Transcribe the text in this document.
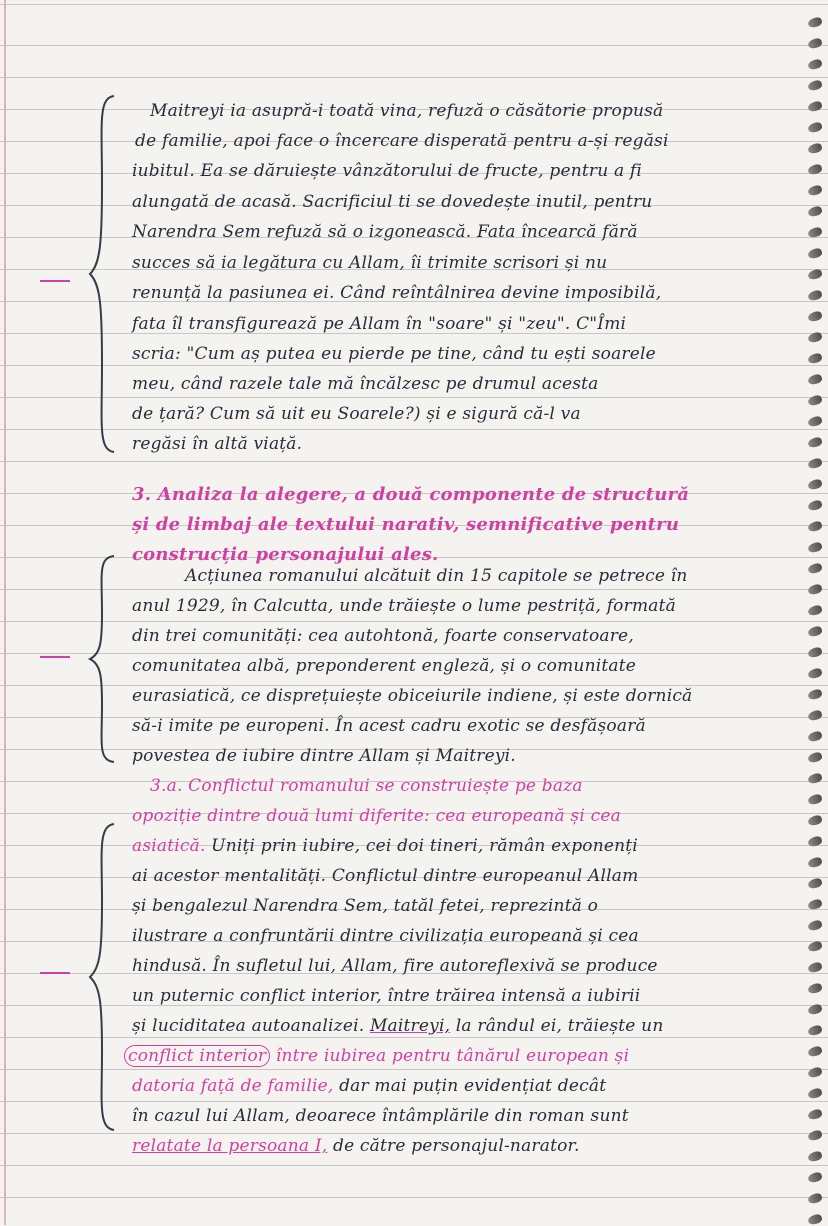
Maitreyi ia asupră-i toată vina, refuză o căsătorie propusă
de familie, apoi face o încercare disperată pentru a-și regăsi
iubitul. Ea se dăruiește vânzătorului de fructe, pentru a fi
alungată de acasă. Sacrificiul ti se dovedește inutil, pentru
Narendra Sem refuză să o izgonească. Fata încearcă fără
succes să ia legătura cu Allam, îi trimite scrisori și nu
renunță la pasiunea ei. Când reîntâlnirea devine imposibilă,
fata îl transfigurează pe Allam în "soare" și "zeu". C"Îmi
scria: "Cum aș putea eu pierde pe tine, când tu ești soarele
meu, când razele tale mă încălzesc pe drumul acesta
de țară? Cum să uit eu Soarele?) și e sigură că-l va
regăsi în altă viață.
3. Analiza la alegere, a două componente de structură
și de limbaj ale textului narativ, semnificative pentru
construcția personajului ales.
Acțiunea romanului alcătuit din 15 capitole se petrece în
anul 1929, în Calcutta, unde trăiește o lume pestriță, formată
din trei comunități: cea autohtonă, foarte conservatoare,
comunitatea albă, preponderent engleză, și o comunitate
eurasiatică, ce disprețuiește obiceiurile indiene, și este dornică
să-i imite pe europeni. În acest cadru exotic se desfășoară
povestea de iubire dintre Allam și Maitreyi.
3.a. Conflictul romanului se construiește pe baza
opoziție dintre două lumi diferite: cea europeană și cea
asiatică. Uniți prin iubire, cei doi tineri, rămân exponenți
ai acestor mentalități. Conflictul dintre europeanul Allam
și bengalezul Narendra Sem, tatăl fetei, reprezintă o
ilustrare a confruntării dintre civilizația europeană și cea
hindusă. În sufletul lui, Allam, fire autoreflexivă se produce
un puternic conflict interior, între trăirea intensă a iubirii
și luciditatea autoanalizei. Maitreyi, la rândul ei, trăiește un
conflict interior între iubirea pentru tânărul european și
datoria față de familie, dar mai puțin evidențiat decât
în cazul lui Allam, deoarece întâmplările din roman sunt
relatate la persoana I, de către personajul-narator.
